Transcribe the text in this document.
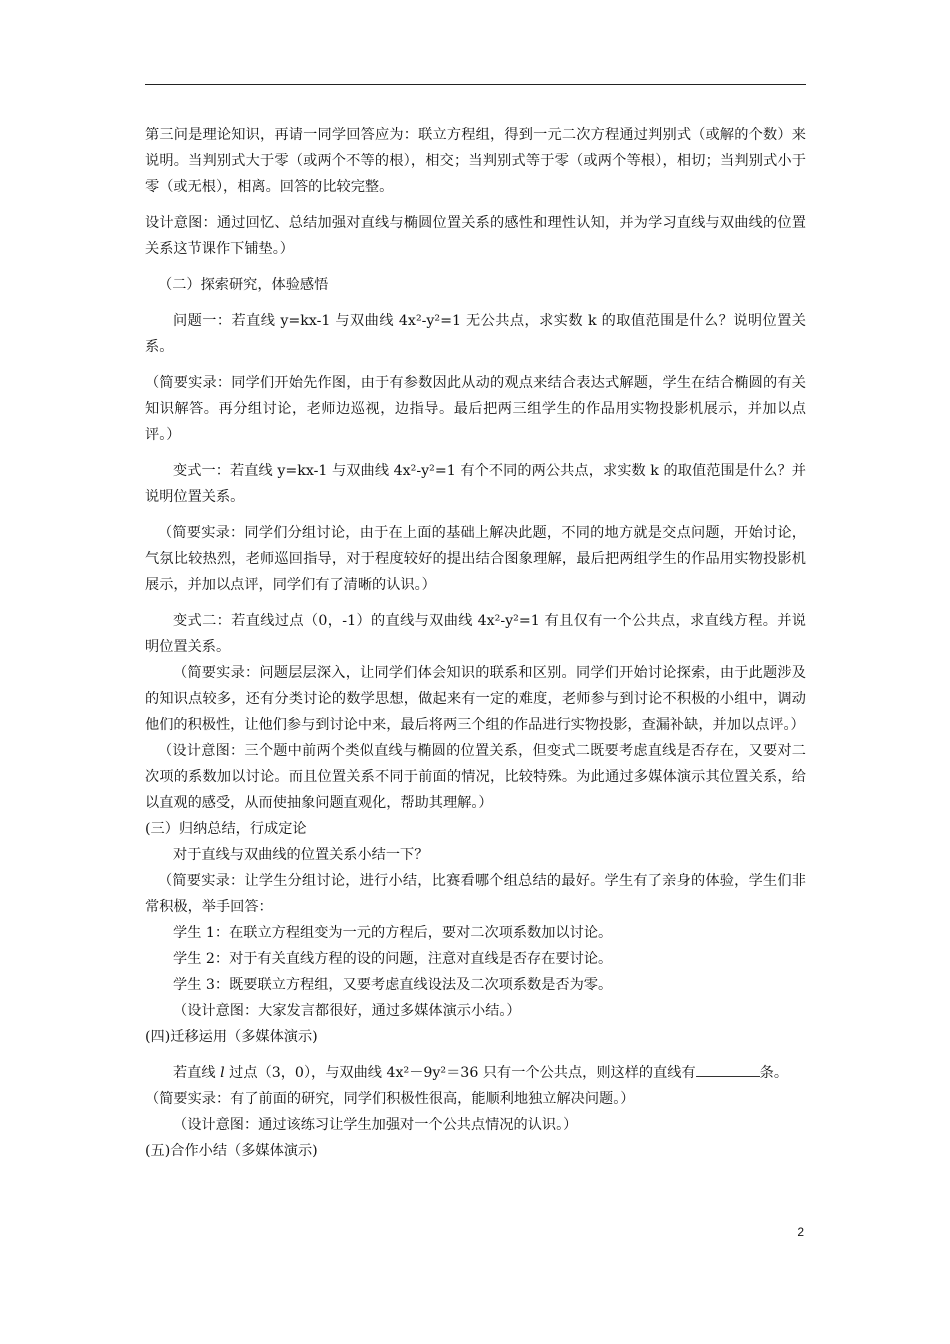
第三问是理论知识，再请一同学回答应为：联立方程组，得到一元二次方程通过判别式（或解的个数）来说明。当判别式大于零（或两个不等的根），相交；当判别式等于零（或两个等根），相切；当判别式小于零（或无根），相离。回答的比较完整。

设计意图：通过回忆、总结加强对直线与椭圆位置关系的感性和理性认知，并为学习直线与双曲线的位置关系这节课作下铺垫。）

（二）探索研究，体验感悟

问题一：若直线 y=kx-1 与双曲线 4x²-y²=1 无公共点，求实数 k 的取值范围是什么？说明位置关系。

（简要实录：同学们开始先作图，由于有参数因此从动的观点来结合表达式解题，学生在结合椭圆的有关知识解答。再分组讨论，老师边巡视，边指导。最后把两三组学生的作品用实物投影机展示，并加以点评。）

变式一：若直线 y=kx-1 与双曲线 4x²-y²=1 有个不同的两公共点，求实数 k 的取值范围是什么？并说明位置关系。

（简要实录：同学们分组讨论，由于在上面的基础上解决此题，不同的地方就是交点问题，开始讨论，气氛比较热烈，老师巡回指导，对于程度较好的提出结合图象理解，最后把两组学生的作品用实物投影机展示，并加以点评，同学们有了清晰的认识。）

变式二：若直线过点（0，-1）的直线与双曲线 4x²-y²=1 有且仅有一个公共点，求直线方程。并说明位置关系。

（简要实录：问题层层深入，让同学们体会知识的联系和区别。同学们开始讨论探索，由于此题涉及的知识点较多，还有分类讨论的数学思想，做起来有一定的难度，老师参与到讨论不积极的小组中，调动他们的积极性，让他们参与到讨论中来，最后将两三个组的作品进行实物投影，查漏补缺，并加以点评。）

（设计意图：三个题中前两个类似直线与椭圆的位置关系，但变式二既要考虑直线是否存在，又要对二次项的系数加以讨论。而且位置关系不同于前面的情况，比较特殊。为此通过多媒体演示其位置关系，给以直观的感受，从而使抽象问题直观化，帮助其理解。）

(三）归纳总结，行成定论

对于直线与双曲线的位置关系小结一下？

（简要实录：让学生分组讨论，进行小结，比赛看哪个组总结的最好。学生有了亲身的体验，学生们非常积极，举手回答：

学生 1：在联立方程组变为一元的方程后，要对二次项系数加以讨论。

学生 2：对于有关直线方程的设的问题，注意对直线是否存在要讨论。

学生 3：既要联立方程组，又要考虑直线设法及二次项系数是否为零。

（设计意图：大家发言都很好，通过多媒体演示小结。）

(四)迁移运用（多媒体演示)

若直线 l 过点（3，0），与双曲线 4x²－9y²＝36 只有一个公共点，则这样的直线有	条。

（简要实录：有了前面的研究，同学们积极性很高，能顺利地独立解决问题。）

（设计意图：通过该练习让学生加强对一个公共点情况的认识。）

(五)合作小结（多媒体演示)

2
